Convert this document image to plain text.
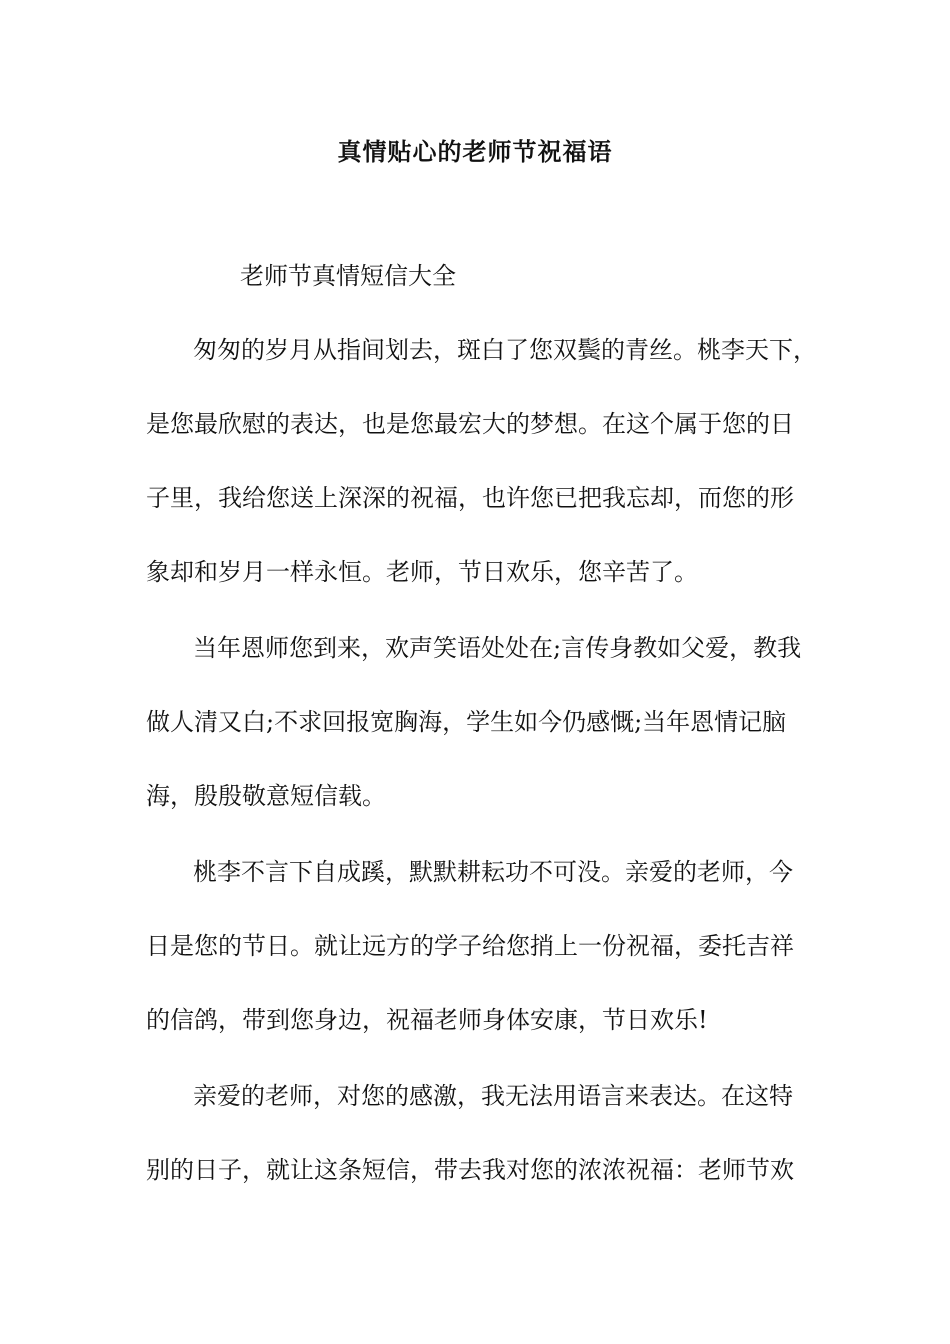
真情贴心的老师节祝福语
老师节真情短信大全
匆匆的岁月从指间划去，斑白了您双鬓的青丝。桃李天下，
是您最欣慰的表达，也是您最宏大的梦想。在这个属于您的日
子里，我给您送上深深的祝福，也许您已把我忘却，而您的形
象却和岁月一样永恒。老师，节日欢乐，您辛苦了。
当年恩师您到来，欢声笑语处处在;言传身教如父爱，教我
做人清又白;不求回报宽胸海，学生如今仍感慨;当年恩情记脑
海，殷殷敬意短信载。
桃李不言下自成蹊，默默耕耘功不可没。亲爱的老师，今
日是您的节日。就让远方的学子给您捎上一份祝福，委托吉祥
的信鸽，带到您身边，祝福老师身体安康，节日欢乐!
亲爱的老师，对您的感激，我无法用语言来表达。在这特
别的日子，就让这条短信，带去我对您的浓浓祝福：老师节欢
